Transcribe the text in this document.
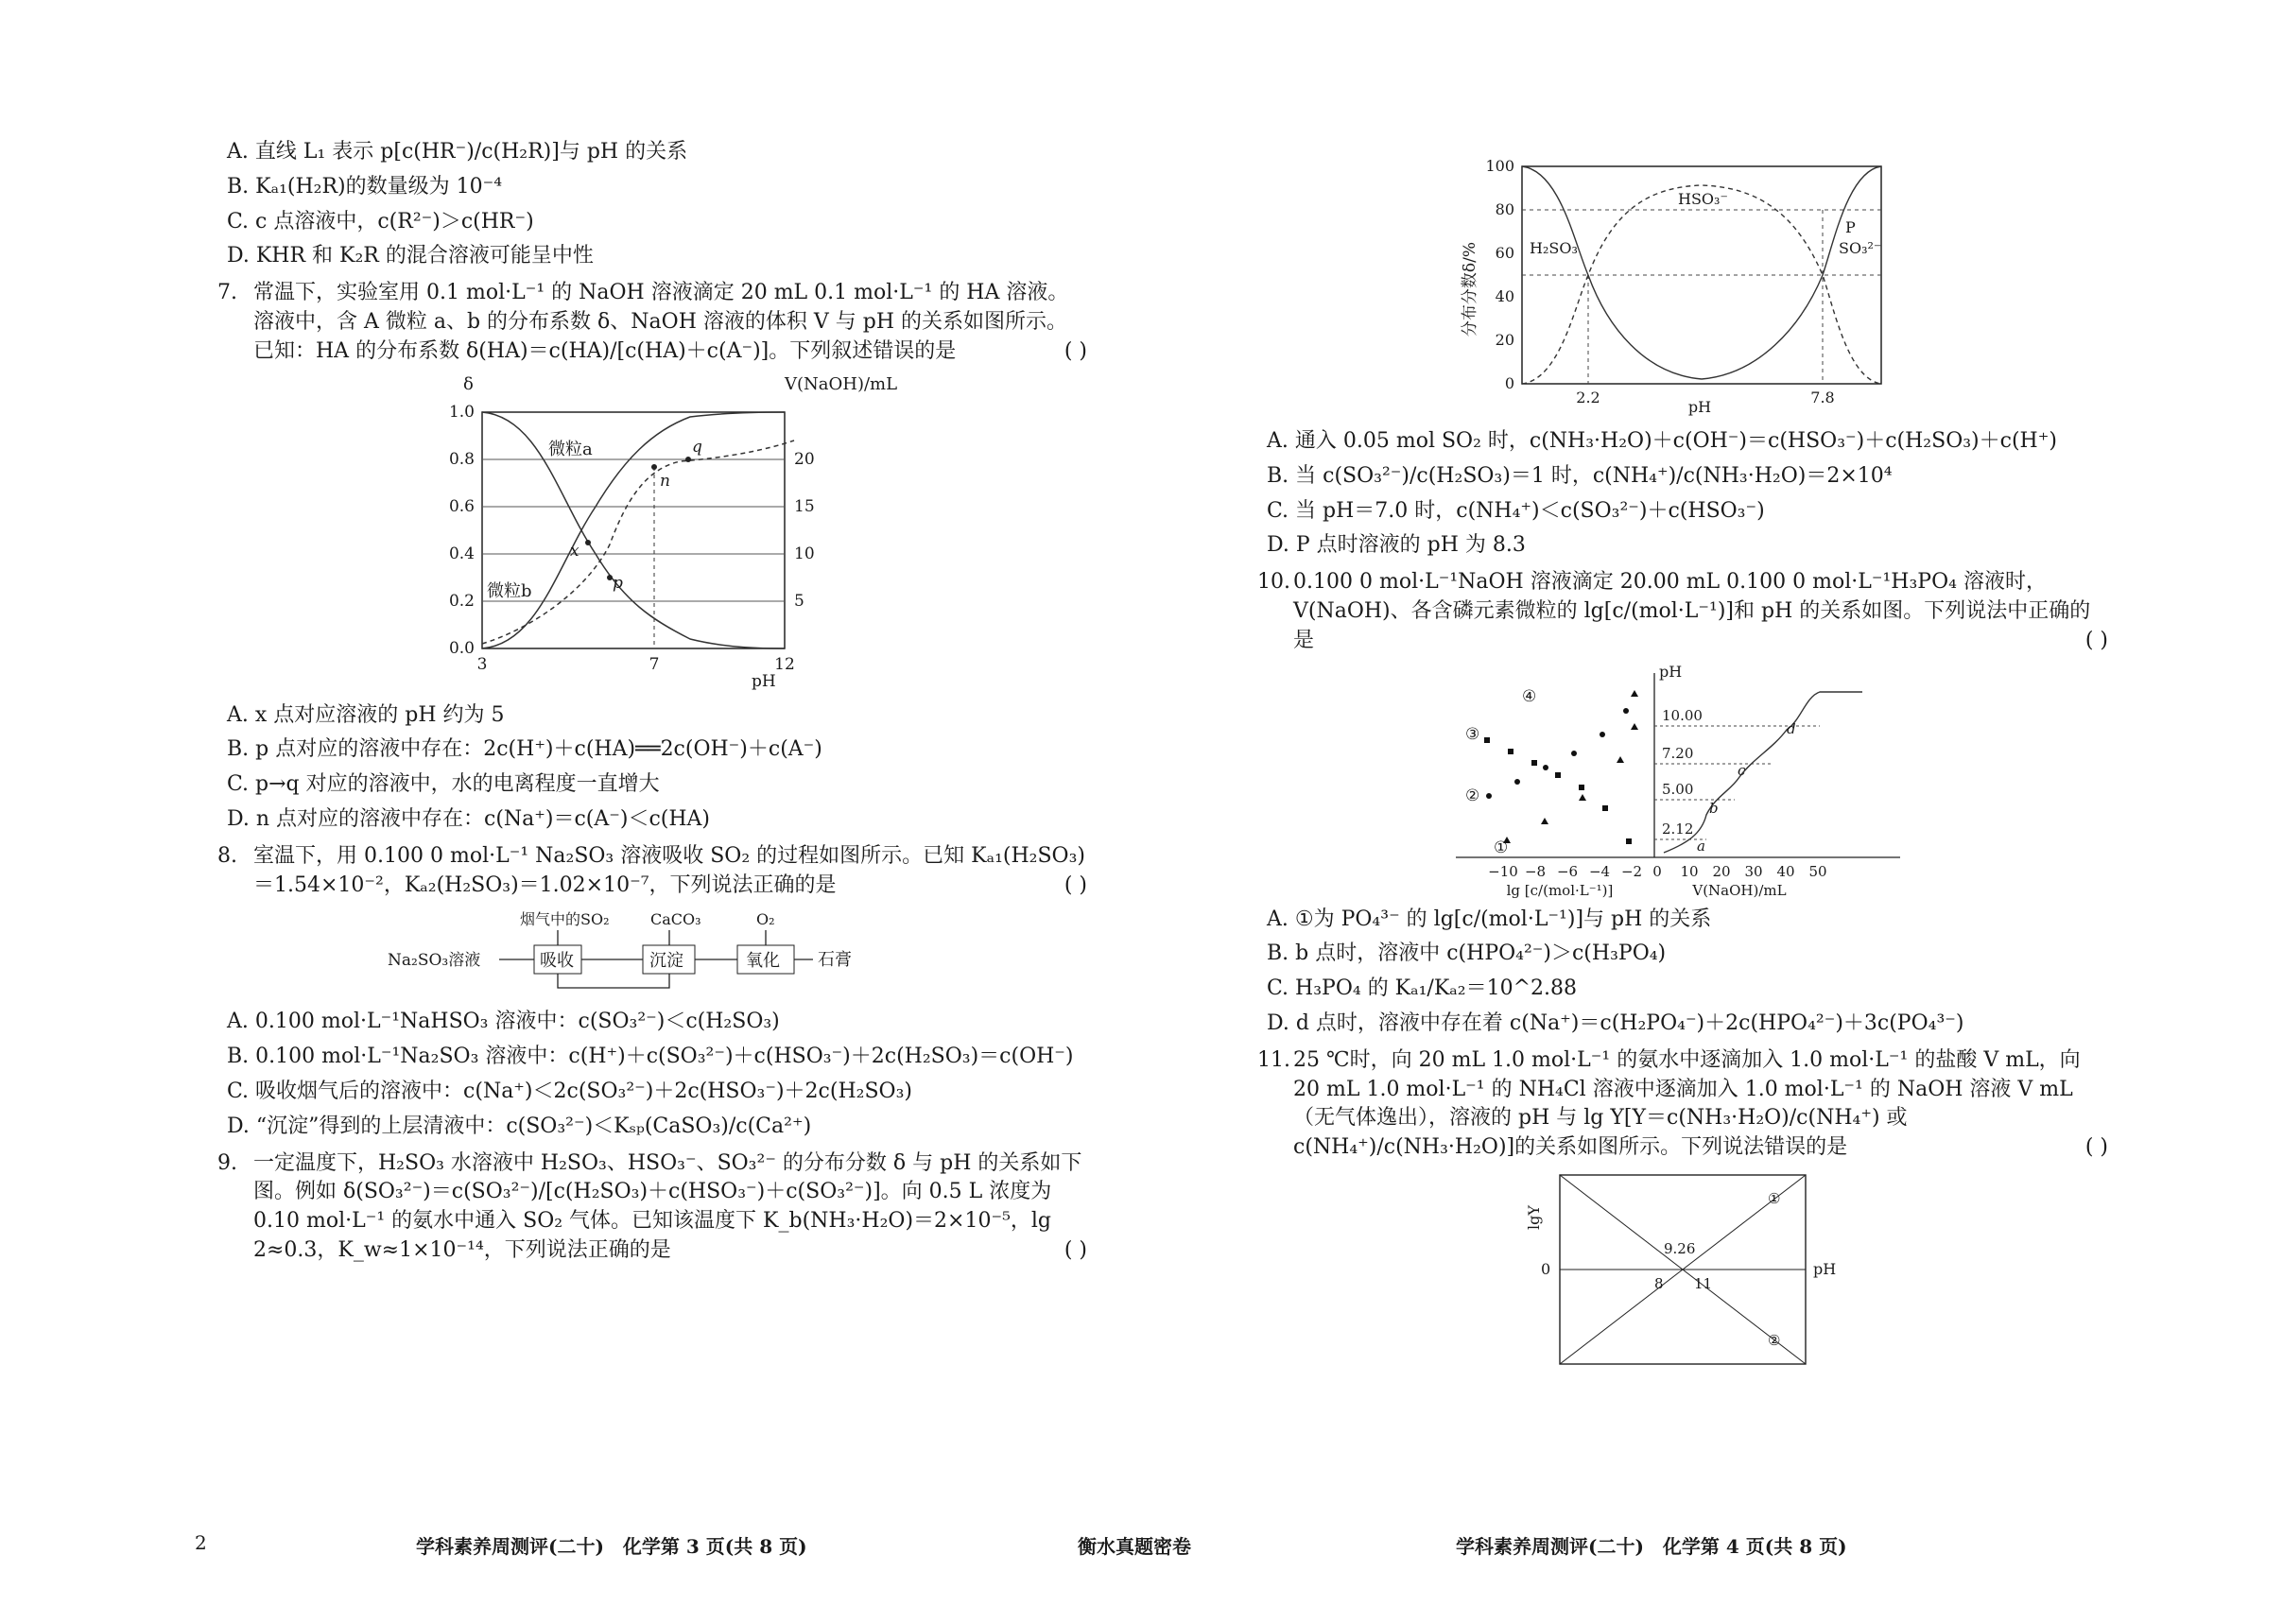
A. 直线 L₁ 表示 p[c(HR⁻)/c(H₂R)]与 pH 的关系
B. Kₐ₁(H₂R)的数量级为 10⁻⁴
C. c 点溶液中，c(R²⁻)＞c(HR⁻)
D. KHR 和 K₂R 的混合溶液可能呈中性
7. 常温下，实验室用 0.1 mol·L⁻¹ 的 NaOH 溶液滴定 20 mL 0.1 mol·L⁻¹ 的 HA 溶液。溶液中，含 A 微粒 a、b 的分布系数 δ、NaOH 溶液的体积 V 与 pH 的关系如图所示。已知：HA 的分布系数 δ(HA)＝c(HA)/[c(HA)＋c(A⁻)]。下列叙述错误的是	( )
δ	V(NaOH)/mL
0.0
0.2
0.4
0.6
0.8
1.0
5
10
15
20
3	7	12
pH
微粒a
微粒b
x
p
n
q
A. x 点对应溶液的 pH 约为 5
B. p 点对应的溶液中存在：2c(H⁺)＋c(HA)══2c(OH⁻)＋c(A⁻)
C. p→q 对应的溶液中，水的电离程度一直增大
D. n 点对应的溶液中存在：c(Na⁺)＝c(A⁻)＜c(HA)
8. 室温下，用 0.100 0 mol·L⁻¹ Na₂SO₃ 溶液吸收 SO₂ 的过程如图所示。已知 Kₐ₁(H₂SO₃)＝1.54×10⁻²，Kₐ₂(H₂SO₃)＝1.02×10⁻⁷，下列说法正确的是	( )
烟气中的SO₂	CaCO₃	O₂
Na₂SO₃溶液	吸收	沉淀	氧化 石膏
A. 0.100 mol·L⁻¹NaHSO₃ 溶液中：c(SO₃²⁻)＜c(H₂SO₃)
B. 0.100 mol·L⁻¹Na₂SO₃ 溶液中：c(H⁺)＋c(SO₃²⁻)＋c(HSO₃⁻)＋2c(H₂SO₃)＝c(OH⁻)
C. 吸收烟气后的溶液中：c(Na⁺)＜2c(SO₃²⁻)＋2c(HSO₃⁻)＋2c(H₂SO₃)
D. “沉淀”得到的上层清液中：c(SO₃²⁻)＜Kₛₚ(CaSO₃)/c(Ca²⁺)
9. 一定温度下，H₂SO₃ 水溶液中 H₂SO₃、HSO₃⁻、SO₃²⁻ 的分布分数 δ 与 pH 的关系如下图。例如 δ(SO₃²⁻)＝c(SO₃²⁻)/[c(H₂SO₃)＋c(HSO₃⁻)＋c(SO₃²⁻)]。向 0.5 L 浓度为 0.10 mol·L⁻¹ 的氨水中通入 SO₂ 气体。已知该温度下 K_b(NH₃·H₂O)＝2×10⁻⁵，lg 2≈0.3，K_w≈1×10⁻¹⁴，下列说法正确的是	( )
分布分数δ/%
0
20
40
60
80
100
2.2	7.8
pH
H₂SO₃
HSO₃⁻
SO₃²⁻
P
A. 通入 0.05 mol SO₂ 时，c(NH₃·H₂O)＋c(OH⁻)＝c(HSO₃⁻)＋c(H₂SO₃)＋c(H⁺)
B. 当 c(SO₃²⁻)/c(H₂SO₃)＝1 时，c(NH₄⁺)/c(NH₃·H₂O)＝2×10⁴
C. 当 pH＝7.0 时，c(NH₄⁺)＜c(SO₃²⁻)＋c(HSO₃⁻)
D. P 点时溶液的 pH 为 8.3
10. 0.100 0 mol·L⁻¹NaOH 溶液滴定 20.00 mL 0.100 0 mol·L⁻¹H₃PO₄ 溶液时，V(NaOH)、各含磷元素微粒的 lg[c/(mol·L⁻¹)]和 pH 的关系如图。下列说法中正确的是	( )
pH
10.00
7.20
5.00
2.12
−10 −8 −6 −4 −2 0 10 20 30 40 50
lg [c/(mol·L⁻¹)]	V(NaOH)/mL
a
b
c
d
③
②
④
①
A. ①为 PO₄³⁻ 的 lg[c/(mol·L⁻¹)]与 pH 的关系
B. b 点时，溶液中 c(HPO₄²⁻)＞c(H₃PO₄)
C. H₃PO₄ 的 Kₐ₁/Kₐ₂＝10^2.88
D. d 点时，溶液中存在着 c(Na⁺)＝c(H₂PO₄⁻)＋2c(HPO₄²⁻)＋3c(PO₄³⁻)
11. 25 ℃时，向 20 mL 1.0 mol·L⁻¹ 的氨水中逐滴加入 1.0 mol·L⁻¹ 的盐酸 V mL，向 20 mL 1.0 mol·L⁻¹ 的 NH₄Cl 溶液中逐滴加入 1.0 mol·L⁻¹ 的 NaOH 溶液 V mL（无气体逸出），溶液的 pH 与 lg Y[Y＝c(NH₃·H₂O)/c(NH₄⁺) 或 c(NH₄⁺)/c(NH₃·H₂O)]的关系如图所示。下列说法错误的是	( )
lgY
0	pH
9.26
8 11
①
②
2	学科素养周测评(二十)　化学第 3 页(共 8 页)	衡水真题密卷	学科素养周测评(二十)　化学第 4 页(共 8 页)
